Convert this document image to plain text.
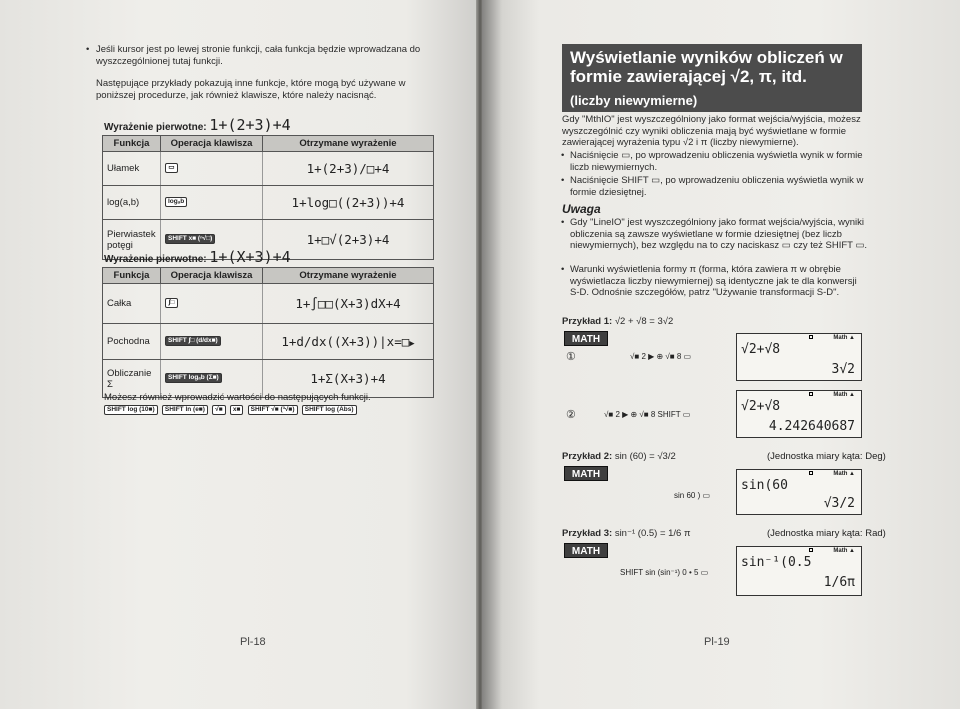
• Jeśli kursor jest po lewej stronie funkcji, cała funkcja będzie wprowadzana do wyszczególnionej tutaj funkcji.
Następujące przykłady pokazują inne funkcje, które mogą być używane w poniższej procedurze, jak również klawisze, które należy nacisnąć.
Wyrażenie pierwotne: 1+(2+3)+4
Funkcja	Operacja klawisza	Otrzymane wyrażenie
Ułamek	▭	1+(2+3)/□+4
log(a,b)	logₐb	1+log□((2+3))+4
Pierwiastek potęgi	SHIFT x■ (ⁿ√□)	1+□√(2+3)+4
Wyrażenie pierwotne: 1+(X+3)+4
Funkcja	Operacja klawisza	Otrzymane wyrażenie
Całka	∫□	1+∫□□(X+3)dX+4
Pochodna	SHIFT ∫□ (d/dx■)	1+d/dx((X+3))|x=□▶
Obliczanie Σ	SHIFT logₐb (Σ■)	1+Σ(X+3)+4
Możesz również wprowadzić wartości do następujących funkcji.
SHIFT log (10■) SHIFT ln (e■) √■ x■ SHIFT √■ (³√■) SHIFT log (Abs)
Pl-18
Wyświetlanie wyników obliczeń w
formie zawierającej √2, π, itd.
(liczby niewymierne)
Gdy "MthIO" jest wyszczególniony jako format wejścia/wyjścia, możesz wyszczególnić czy wyniki obliczenia mają być wyświetlane w formie zawierającej wyrażenia typu √2 i π (liczby niewymierne).
• Naciśnięcie ▭, po wprowadzeniu obliczenia wyświetla wynik w formie liczb niewymiernych.
• Naciśnięcie SHIFT ▭, po wprowadzeniu obliczenia wyświetla wynik w formie dziesiętnej.
Uwaga
• Gdy "LineIO" jest wyszczególniony jako format wejścia/wyjścia, wyniki obliczenia są zawsze wyświetlane w formie dziesiętnej (bez liczb niewymiernych), bez względu na to czy naciskasz ▭ czy też SHIFT ▭.
• Warunki wyświetlenia formy π (forma, która zawiera π w obrębie wyświetlacza liczby niewymiernej) są identyczne jak te dla konwersji S-D. Odnośnie szczegółów, patrz "Używanie transformacji S-D".
Przykład 1: √2 + √8 = 3√2
MATH
①	√■ 2 ▶ ⊕ √■ 8 ▭
Math ▲
√2+√8
3√2
②	√■ 2 ▶ ⊕ √■ 8 SHIFT ▭
Math ▲
√2+√8
4.242640687
Przykład 2: sin (60) = √3/2	(Jednostka miary kąta: Deg)
MATH
sin 60 ) ▭
Math ▲
sin(60
√3/2
Przykład 3: sin⁻¹ (0.5) = 1/6 π	(Jednostka miary kąta: Rad)
MATH
SHIFT sin (sin⁻¹) 0 • 5 ▭
Math ▲
sin⁻¹(0.5
1/6π
Pl-19
